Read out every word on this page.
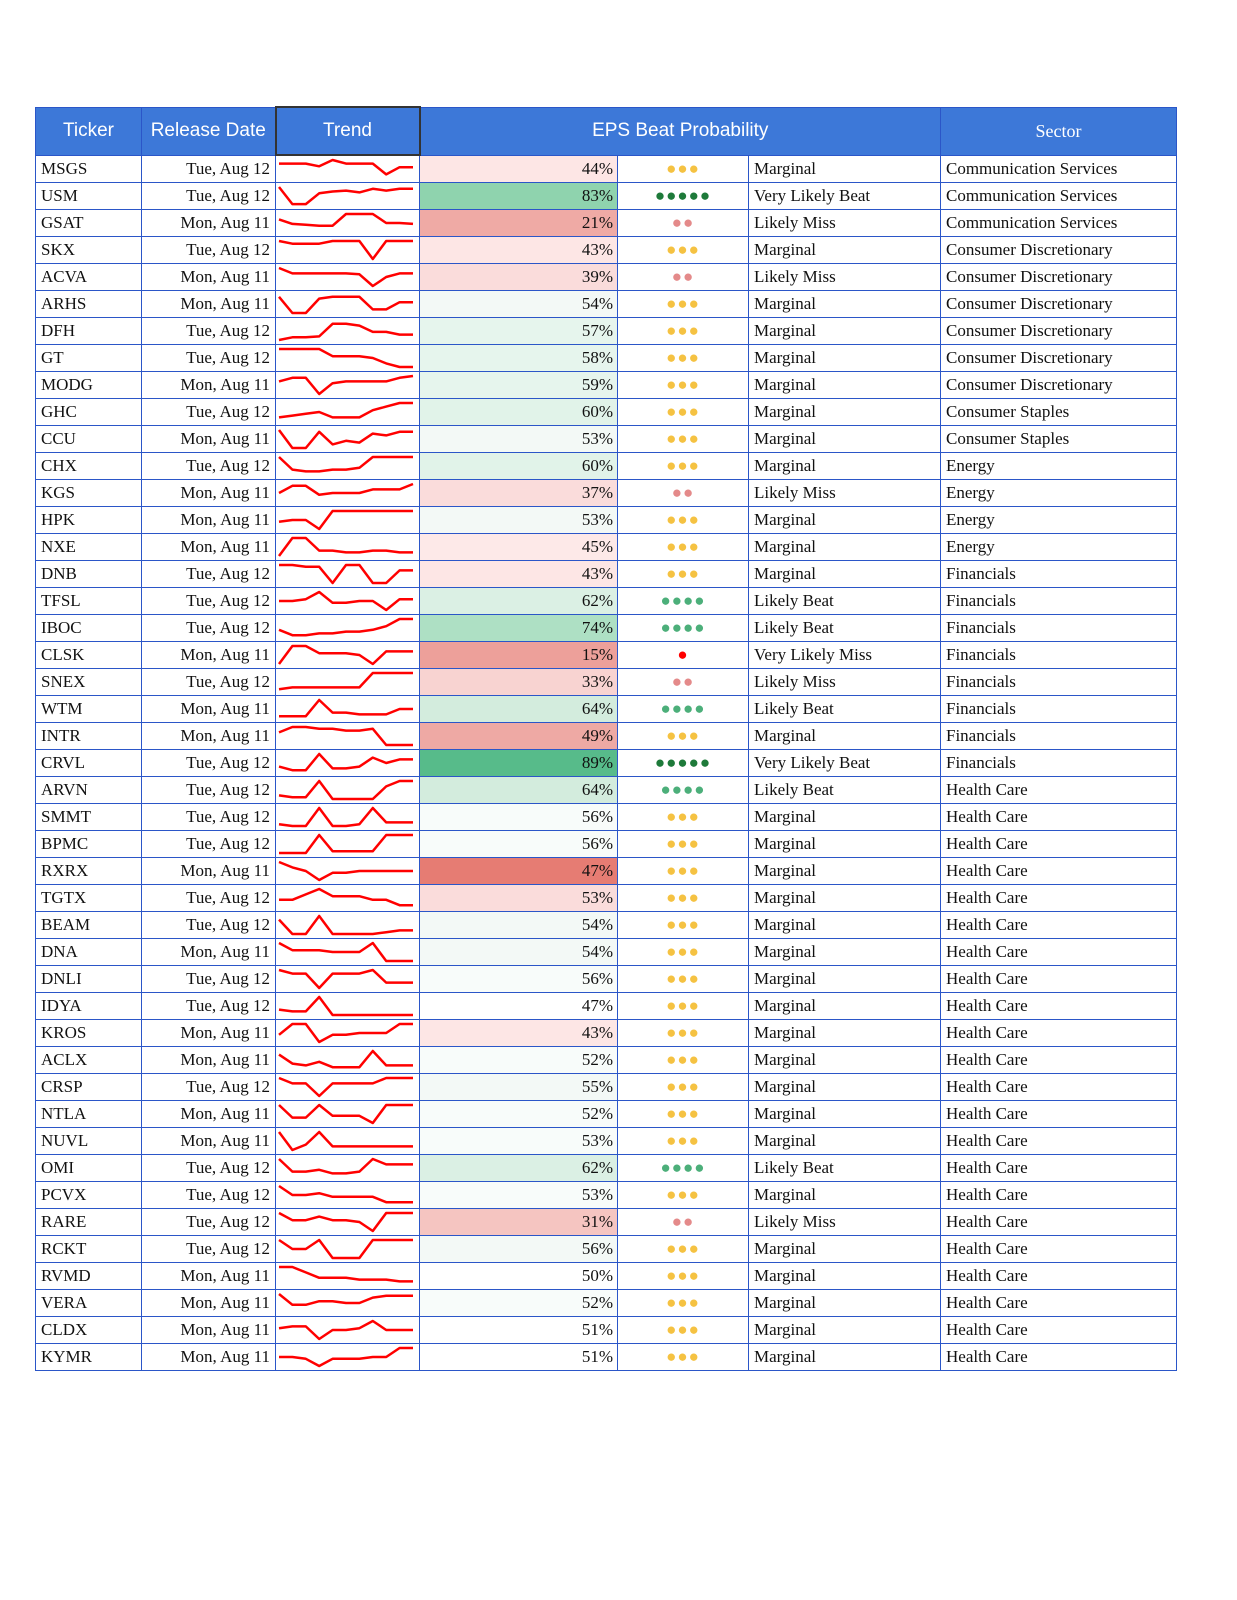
Ticker	Release Date	Trend	EPS Beat Probability			Sector
MSGS	Tue, Aug 12		44%	●●●	Marginal	Communication Services
USM	Tue, Aug 12		83%	●●●●●	Very Likely Beat	Communication Services
GSAT	Mon, Aug 11		21%	●●	Likely Miss	Communication Services
SKX	Tue, Aug 12		43%	●●●	Marginal	Consumer Discretionary
ACVA	Mon, Aug 11		39%	●●	Likely Miss	Consumer Discretionary
ARHS	Mon, Aug 11		54%	●●●	Marginal	Consumer Discretionary
DFH	Tue, Aug 12		57%	●●●	Marginal	Consumer Discretionary
GT	Tue, Aug 12		58%	●●●	Marginal	Consumer Discretionary
MODG	Mon, Aug 11		59%	●●●	Marginal	Consumer Discretionary
GHC	Tue, Aug 12		60%	●●●	Marginal	Consumer Staples
CCU	Mon, Aug 11		53%	●●●	Marginal	Consumer Staples
CHX	Tue, Aug 12		60%	●●●	Marginal	Energy
KGS	Mon, Aug 11		37%	●●	Likely Miss	Energy
HPK	Mon, Aug 11		53%	●●●	Marginal	Energy
NXE	Mon, Aug 11		45%	●●●	Marginal	Energy
DNB	Tue, Aug 12		43%	●●●	Marginal	Financials
TFSL	Tue, Aug 12		62%	●●●●	Likely Beat	Financials
IBOC	Tue, Aug 12		74%	●●●●	Likely Beat	Financials
CLSK	Mon, Aug 11		15%	●	Very Likely Miss	Financials
SNEX	Tue, Aug 12		33%	●●	Likely Miss	Financials
WTM	Mon, Aug 11		64%	●●●●	Likely Beat	Financials
INTR	Mon, Aug 11		49%	●●●	Marginal	Financials
CRVL	Tue, Aug 12		89%	●●●●●	Very Likely Beat	Financials
ARVN	Tue, Aug 12		64%	●●●●	Likely Beat	Health Care
SMMT	Tue, Aug 12		56%	●●●	Marginal	Health Care
BPMC	Tue, Aug 12		56%	●●●	Marginal	Health Care
RXRX	Mon, Aug 11		47%	●●●	Marginal	Health Care
TGTX	Tue, Aug 12		53%	●●●	Marginal	Health Care
BEAM	Tue, Aug 12		54%	●●●	Marginal	Health Care
DNA	Mon, Aug 11		54%	●●●	Marginal	Health Care
DNLI	Tue, Aug 12		56%	●●●	Marginal	Health Care
IDYA	Tue, Aug 12		47%	●●●	Marginal	Health Care
KROS	Mon, Aug 11		43%	●●●	Marginal	Health Care
ACLX	Mon, Aug 11		52%	●●●	Marginal	Health Care
CRSP	Tue, Aug 12		55%	●●●	Marginal	Health Care
NTLA	Mon, Aug 11		52%	●●●	Marginal	Health Care
NUVL	Mon, Aug 11		53%	●●●	Marginal	Health Care
OMI	Tue, Aug 12		62%	●●●●	Likely Beat	Health Care
PCVX	Tue, Aug 12		53%	●●●	Marginal	Health Care
RARE	Tue, Aug 12		31%	●●	Likely Miss	Health Care
RCKT	Tue, Aug 12		56%	●●●	Marginal	Health Care
RVMD	Mon, Aug 11		50%	●●●	Marginal	Health Care
VERA	Mon, Aug 11		52%	●●●	Marginal	Health Care
CLDX	Mon, Aug 11		51%	●●●	Marginal	Health Care
KYMR	Mon, Aug 11		51%	●●●	Marginal	Health Care
